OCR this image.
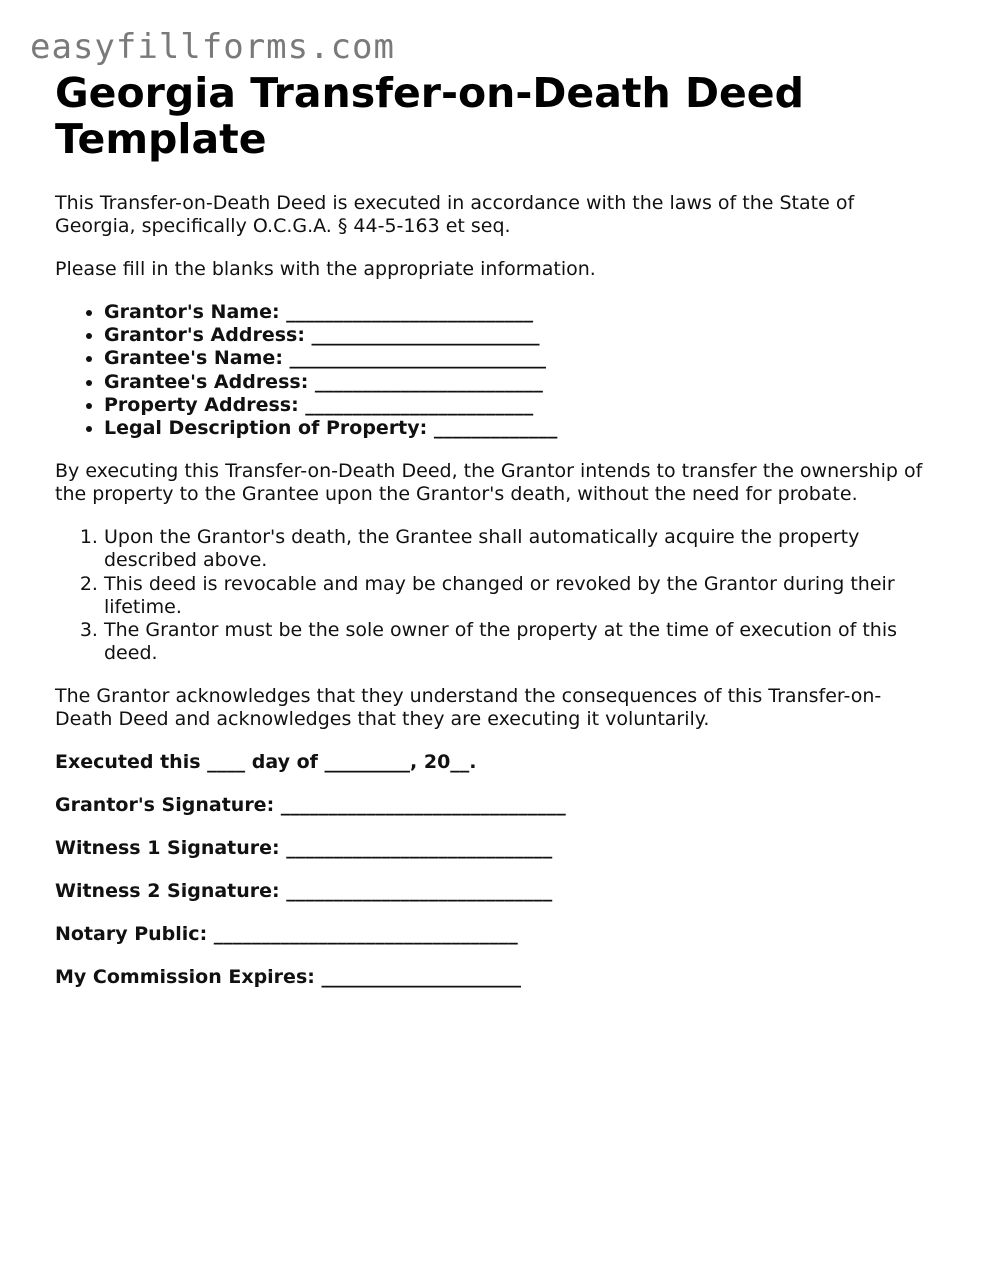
easyfillforms.com
Georgia Transfer-on-Death Deed Template

This Transfer-on-Death Deed is executed in accordance with the laws of the State of Georgia, specifically O.C.G.A. § 44-5-163 et seq.

Please fill in the blanks with the appropriate information.

• Grantor's Name: __________________________
• Grantor's Address: ________________________
• Grantee's Name: ___________________________
• Grantee's Address: ________________________
• Property Address: ________________________
• Legal Description of Property: _____________

By executing this Transfer-on-Death Deed, the Grantor intends to transfer the ownership of the property to the Grantee upon the Grantor's death, without the need for probate.

1. Upon the Grantor's death, the Grantee shall automatically acquire the property described above.
2. This deed is revocable and may be changed or revoked by the Grantor during their lifetime.
3. The Grantor must be the sole owner of the property at the time of execution of this deed.

The Grantor acknowledges that they understand the consequences of this Transfer-on-Death Deed and acknowledges that they are executing it voluntarily.

Executed this ____ day of _________, 20__.

Grantor's Signature: ______________________________

Witness 1 Signature: ____________________________

Witness 2 Signature: ____________________________

Notary Public: ________________________________

My Commission Expires: _____________________
